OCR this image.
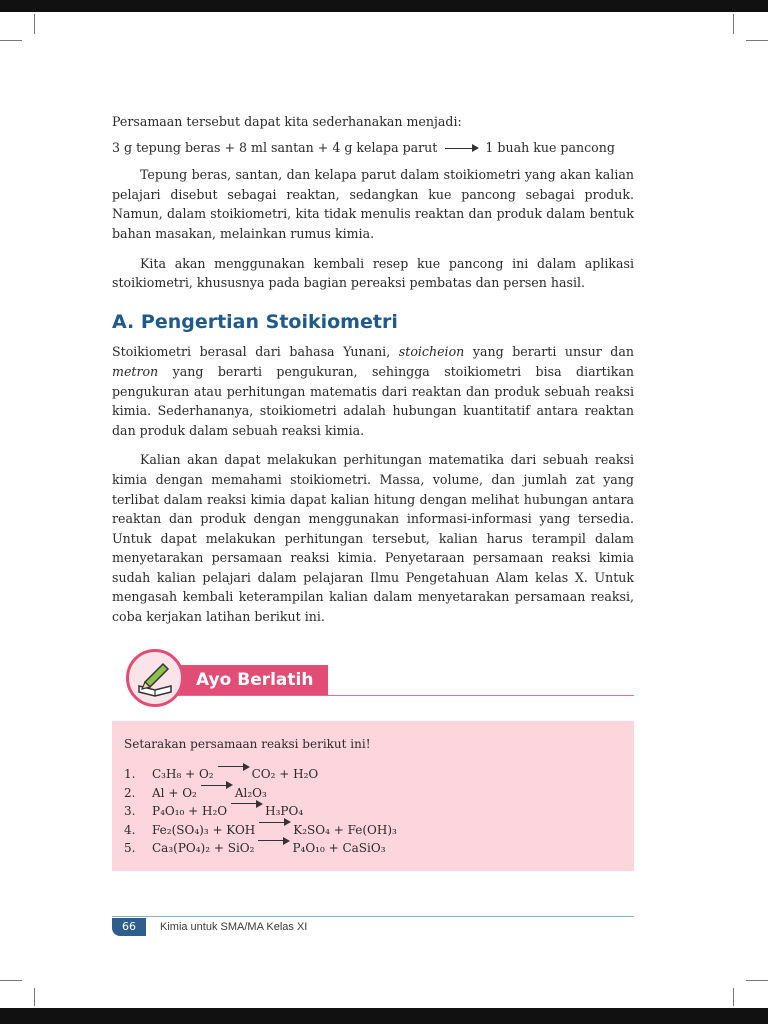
Persamaan tersebut dapat kita sederhanakan menjadi:

3 g tepung beras + 8 ml santan + 4 g kelapa parut → 1 buah kue pancong

Tepung beras, santan, dan kelapa parut dalam stoikiometri yang akan kalian pelajari disebut sebagai reaktan, sedangkan kue pancong sebagai produk. Namun, dalam stoikiometri, kita tidak menulis reaktan dan produk dalam bentuk bahan masakan, melainkan rumus kimia.

Kita akan menggunakan kembali resep kue pancong ini dalam aplikasi stoikiometri, khususnya pada bagian pereaksi pembatas dan persen hasil.

A. Pengertian Stoikiometri

Stoikiometri berasal dari bahasa Yunani, stoicheion yang berarti unsur dan metron yang berarti pengukuran, sehingga stoikiometri bisa diartikan pengukuran atau perhitungan matematis dari reaktan dan produk sebuah reaksi kimia. Sederhananya, stoikiometri adalah hubungan kuantitatif antara reaktan dan produk dalam sebuah reaksi kimia.

Kalian akan dapat melakukan perhitungan matematika dari sebuah reaksi kimia dengan memahami stoikiometri. Massa, volume, dan jumlah zat yang terlibat dalam reaksi kimia dapat kalian hitung dengan melihat hubungan antara reaktan dan produk dengan menggunakan informasi-informasi yang tersedia. Untuk dapat melakukan perhitungan tersebut, kalian harus terampil dalam menyetarakan persamaan reaksi kimia. Penyetaraan persamaan reaksi kimia sudah kalian pelajari dalam pelajaran Ilmu Pengetahuan Alam kelas X. Untuk mengasah kembali keterampilan kalian dalam menyetarakan persamaan reaksi, coba kerjakan latihan berikut ini.

Ayo Berlatih

Setarakan persamaan reaksi berikut ini!

1.	C₃H₈ + O₂	CO₂ + H₂O
2.	Al + O₂	Al₂O₃
3.	P₄O₁₀ + H₂O	H₃PO₄
4.	Fe₂(SO₄)₃ + KOH	K₂SO₄ + Fe(OH)₃
5.	Ca₃(PO₄)₂ + SiO₂	P₄O₁₀ + CaSiO₃
66	Kimia untuk SMA/MA Kelas XI
